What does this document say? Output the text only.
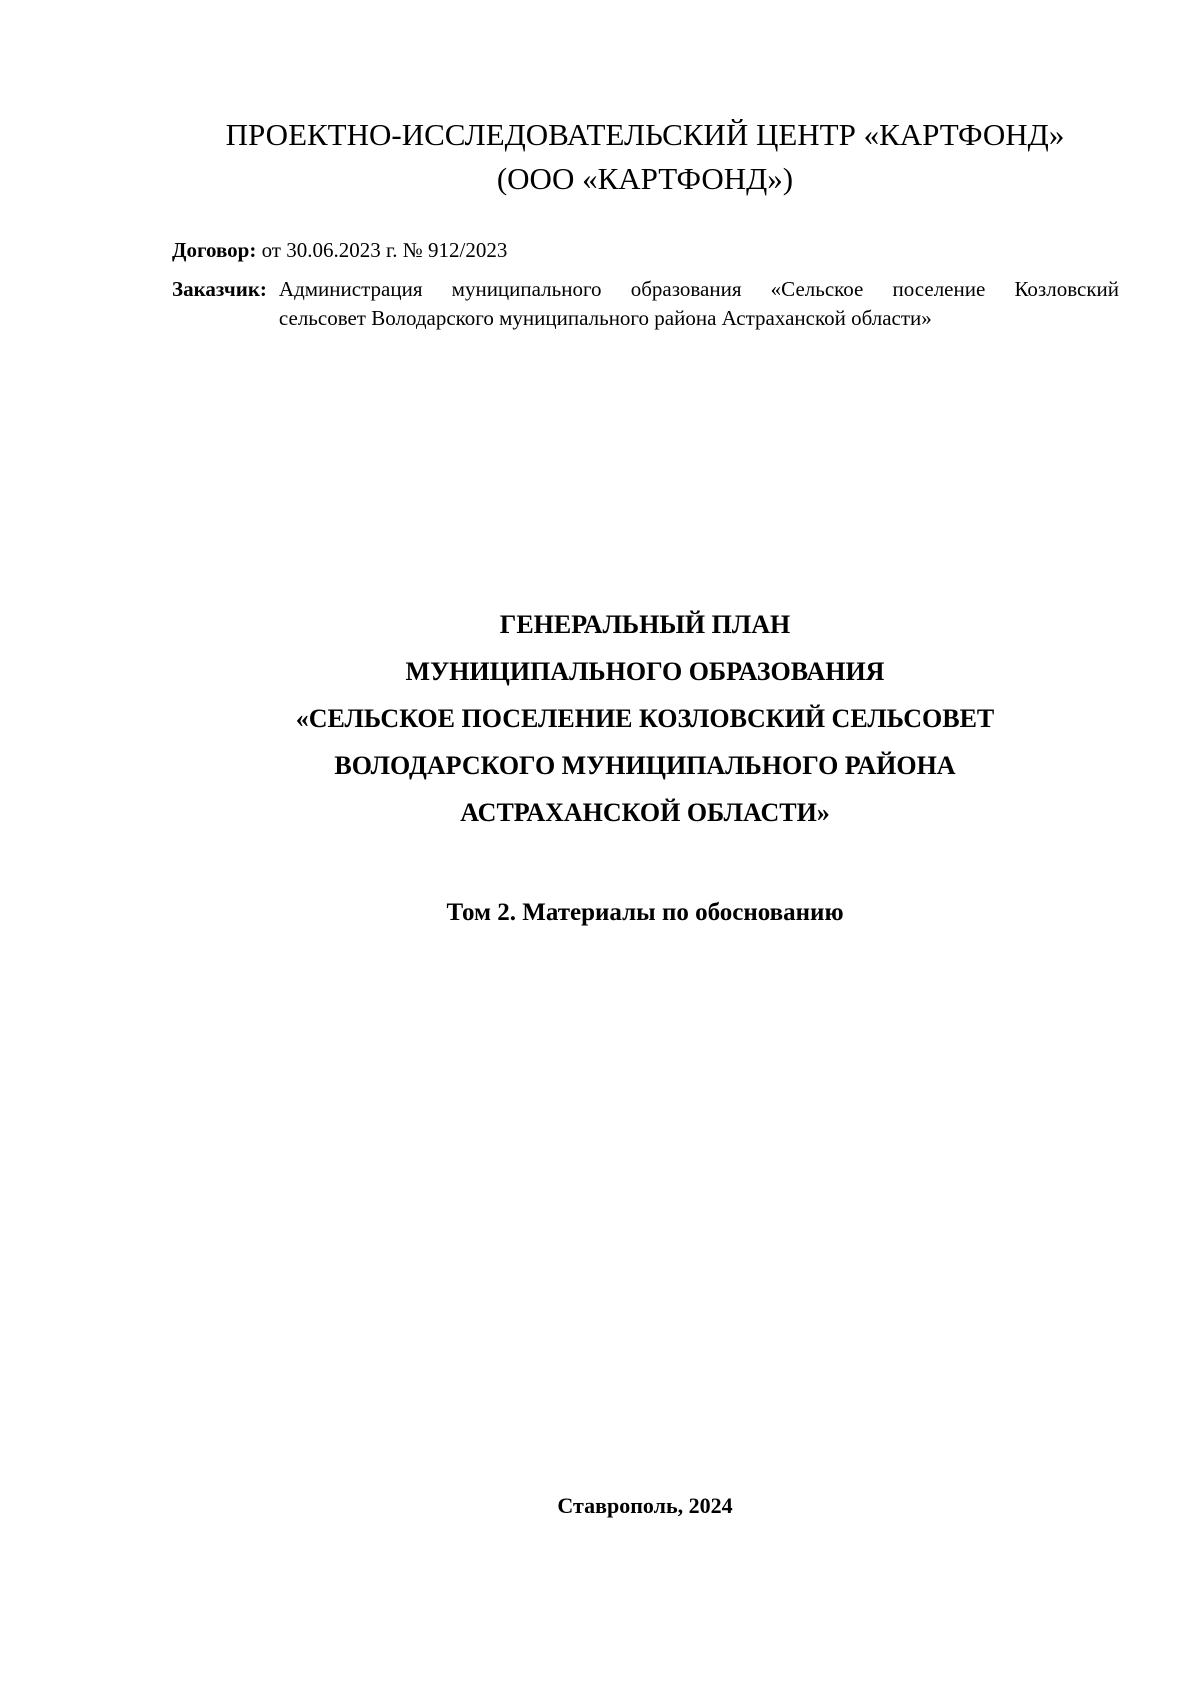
ПРОЕКТНО-ИССЛЕДОВАТЕЛЬСКИЙ ЦЕНТР «КАРТФОНД»
(ООО «КАРТФОНД»)
Договор: от 30.06.2023 г. № 912/2023
Заказчик: Администрация муниципального образования «Сельское поселение Козловский
сельсовет Володарского муниципального района Астраханской области»
ГЕНЕРАЛЬНЫЙ ПЛАН
МУНИЦИПАЛЬНОГО ОБРАЗОВАНИЯ
«СЕЛЬСКОЕ ПОСЕЛЕНИЕ КОЗЛОВСКИЙ СЕЛЬСОВЕТ
ВОЛОДАРСКОГО МУНИЦИПАЛЬНОГО РАЙОНА
АСТРАХАНСКОЙ ОБЛАСТИ»
Том 2. Материалы по обоснованию
Ставрополь, 2024
